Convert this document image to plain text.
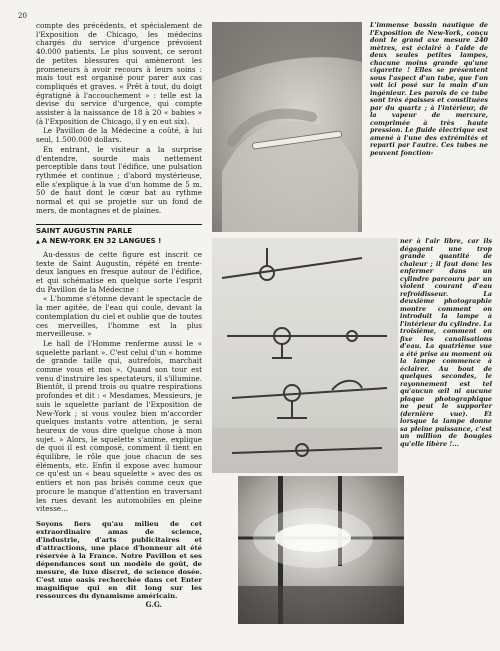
20

compte des précédents, et spécialement de l'Exposition de Chicago, les médecins chargés du service d'urgence prévoient 40.000 patients. Le plus souvent, ce seront de petites blessures qui amèneront les promeneurs à avoir recours à leurs soins : mais tout est organisé pour parer aux cas compliqués et graves. « Prêt à tout, du doigt égratigné à l'accouchement » : telle est la devise du service d'urgence, qui compte assister à la naissance de 18 à 20 « babies » (à l'Exposition de Chicago, il y en eut six).

Le Pavillon de la Médecine a coûté, à lui seul, 1.500.000 dollars.

En entrant, le visiteur a la surprise d'entendre, sourde mais nettement perceptible dans tout l'édifice, une pulsation rythmée et continue ; d'abord mystérieuse, elle s'explique à la vue d'un homme de 5 m. 50 de haut dont le cœur bat au rythme normal et qui se projette sur un fond de mers, de montagnes et de plaines.

SAINT AUGUSTIN PARLE
▲ A NEW-YORK EN 32 LANGUES !

Au-dessus de cette figure est inscrit ce texte de Saint Augustin, répété en trente-deux langues en fresque autour de l'édifice, et qui schématise en quelque sorte l'esprit du Pavillon de la Médecine :

« L'homme s'étonne devant le spectacle de la mer agitée, de l'eau qui coule, devant la contemplation du ciel et oublie que de toutes ces merveilles, l'homme est la plus merveilleuse. »

Le hall de l'Homme renferme aussi le « squelette parlant ». C'est celui d'un « homme de grande taille qui, autrefois, marchait comme vous et moi ». Quand son tour est venu d'instruire les spectateurs, il s'illumine. Bientôt, il prend trois ou quatre respirations profondes et dit : « Mesdames, Messieurs, je suis le squelette parlant de l'Exposition de New-York ; si vous voulez bien m'accorder quelques instants votre attention, je serai heureux de vous dire quelque chose à mon sujet. » Alors, le squelette s'anime, explique de quoi il est composé, comment il tient en équilibre, le rôle que joue chacun de ses éléments, etc. Enfin il expose avec humour ce qu'est un « beau squelette » avec des os entiers et non pas brisés comme ceux que procure le manque d'attention en traversant les rues devant les automobiles en pleine vitesse...

Soyons fiers qu'au milieu de cet extraordinaire amas de science, d'industrie, d'arts publicitaires et d'attractions, une place d'honneur ait été réservée à la France. Notre Pavillon et ses dépendances sont un modèle de goût, de mesure, de luxe discret, de science dosée. C'est une oasis recherchée dans cet Enter magnifique qui en dit long sur les ressources du dynamisme américain.

G.G.
L'immense bassin nautique de l'Exposition de New-York, conçu dont le grand axe mesure 240 mètres, est éclairé à l'aide de deux seules petites lampes, chacune moins grande qu'une cigarette ! Elles se présentent sous l'aspect d'un tube, que l'on voit ici posé sur la main d'un ingénieur. Les parois de ce tube sont très épaisses et constituées par du quartz ; à l'intérieur, de la vapeur de mercure, comprimée à très haute pression. Le fluide électrique est amené à l'une des extrémités et reparti par l'autre. Ces tubes ne peuvent fonction-
ner à l'air libre, car ils dégagent une trop grande quantité de chaleur ; il faut donc les enfermer dans un cylindre parcouru par un violent courant d'eau refroidisseur. La deuxième photographie montre comment on introduit la lampe à l'intérieur du cylindre. La troisième, comment on fixe les canalisations d'eau. La quatrième vue a été prise au moment où la lampe commence à éclairer. Au bout de quelques secondes, le rayonnement est tel qu'aucun œil ni aucune plaque photographique ne peut le supporter (dernière vue). Et lorsque la lampe donne sa pleine puissance, c'est un million de bougies qu'elle libère !...
